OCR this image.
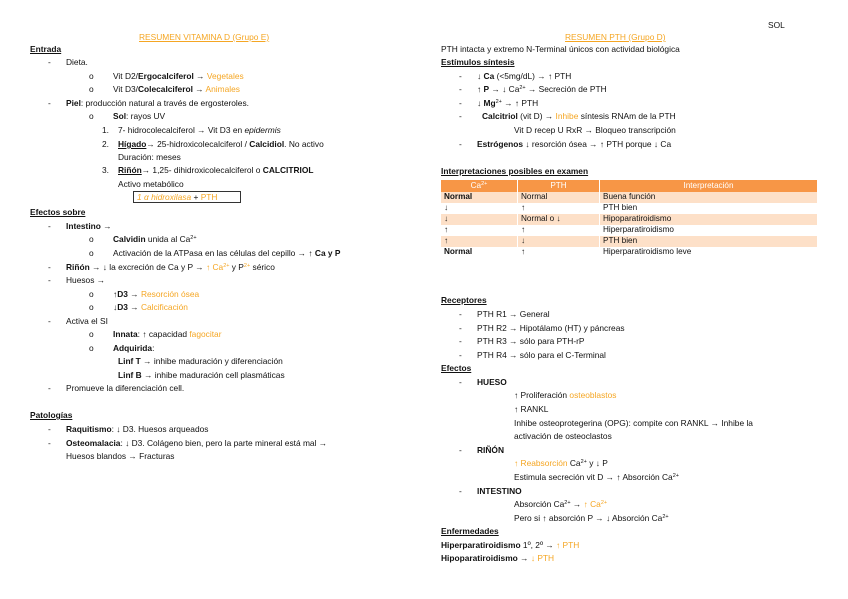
SOL
RESUMEN VITAMINA D (Grupo E)
Entrada
- Dieta.
o Vit D2/Ergocalciferol → Vegetales
o Vit D3/Colecalciferol → Animales
- Piel: producción natural a través de ergosteroles.
o Sol: rayos UV
1. 7- hidrocolecalciferol → Vit D3 en epidermis
2. Hígado→ 25-hidroxicolecalciferol / Calcidiol. No activo
Duración: meses
3. Riñón→ 1,25- dihidroxicolecalciferol o CALCITRIOL
Activo metabólico
1 α hidroxilasa + PTH
Efectos sobre
- Intestino →
o Calvidin unida al $Ca^{2+}$
o Activación de la ATPasa en las células del cepillo → ↑ Ca y P
- Riñón → ↓ la excreción de Ca y P → ↑ $Ca^{2+}$ y $P^{2+}$ sérico
- Huesos →
o ↑D3 → Resorción ósea
o ↓D3 → Calcificación
- Activa el SI
o Innata: ↑ capacidad fagocitar
o Adquirida:
Linf T → inhibe maduración y diferenciación
Linf B → inhibe maduración cell plasmáticas
- Promueve la diferenciación cell.
Patologías
- Raquitismo: ↓ D3. Huesos arqueados
- Osteomalacia: ↓ D3. Colágeno bien, pero la parte mineral está mal →
Huesos blandos → Fracturas
RESUMEN PTH (Grupo D)
PTH intacta y extremo N-Terminal únicos con actividad biológica
Estímulos síntesis
- ↓ Ca (<5mg/dL) → ↑ PTH
- ↑ P → ↓ $Ca^{2+}$ → Secreción de PTH
- ↓ $Mg^{2+}$ → ↑ PTH
- Calcitriol (vit D) → Inhibe síntesis RNAm de la PTH
Vit D recep U RxR → Bloqueo transcripción
- Estrógenos ↓ resorción ósea → ↑ PTH porque ↓ Ca
Interpretaciones posibles en examen
$Ca^{2+}$	PTH	Interpretación
Normal	Normal	Buena función
↓	↑	PTH bien
↓	Normal o ↓	Hipoparatiroidismo
↑	↑	Hiperparatiroidismo
↑	↓	PTH bien
Normal	↑	Hiperparatiroidismo leve
Receptores
- PTH R1 → General
- PTH R2 → Hipotálamo (HT) y páncreas
- PTH R3 → sólo para PTH-rP
- PTH R4 → sólo para el C-Terminal
Efectos
- HUESO
↑ Proliferación osteoblastos
↑ RANKL
Inhibe osteoprotegerina (OPG): compite con RANKL → Inhibe la
activación de osteoclastos
- RIÑÓN
↑ Reabsorción $Ca^{2+}$ y ↓ P
Estimula secreción vit D → ↑ Absorción $Ca^{2+}$
- INTESTINO
Absorción $Ca^{2+}$ → ↑ $Ca^{2+}$
Pero si ↑ absorción P → ↓ Absorción $Ca^{2+}$
Enfermedades
Hiperparatiroidismo 1º, 2º → ↑ PTH
Hipoparatiroidismo → ↓ PTH
